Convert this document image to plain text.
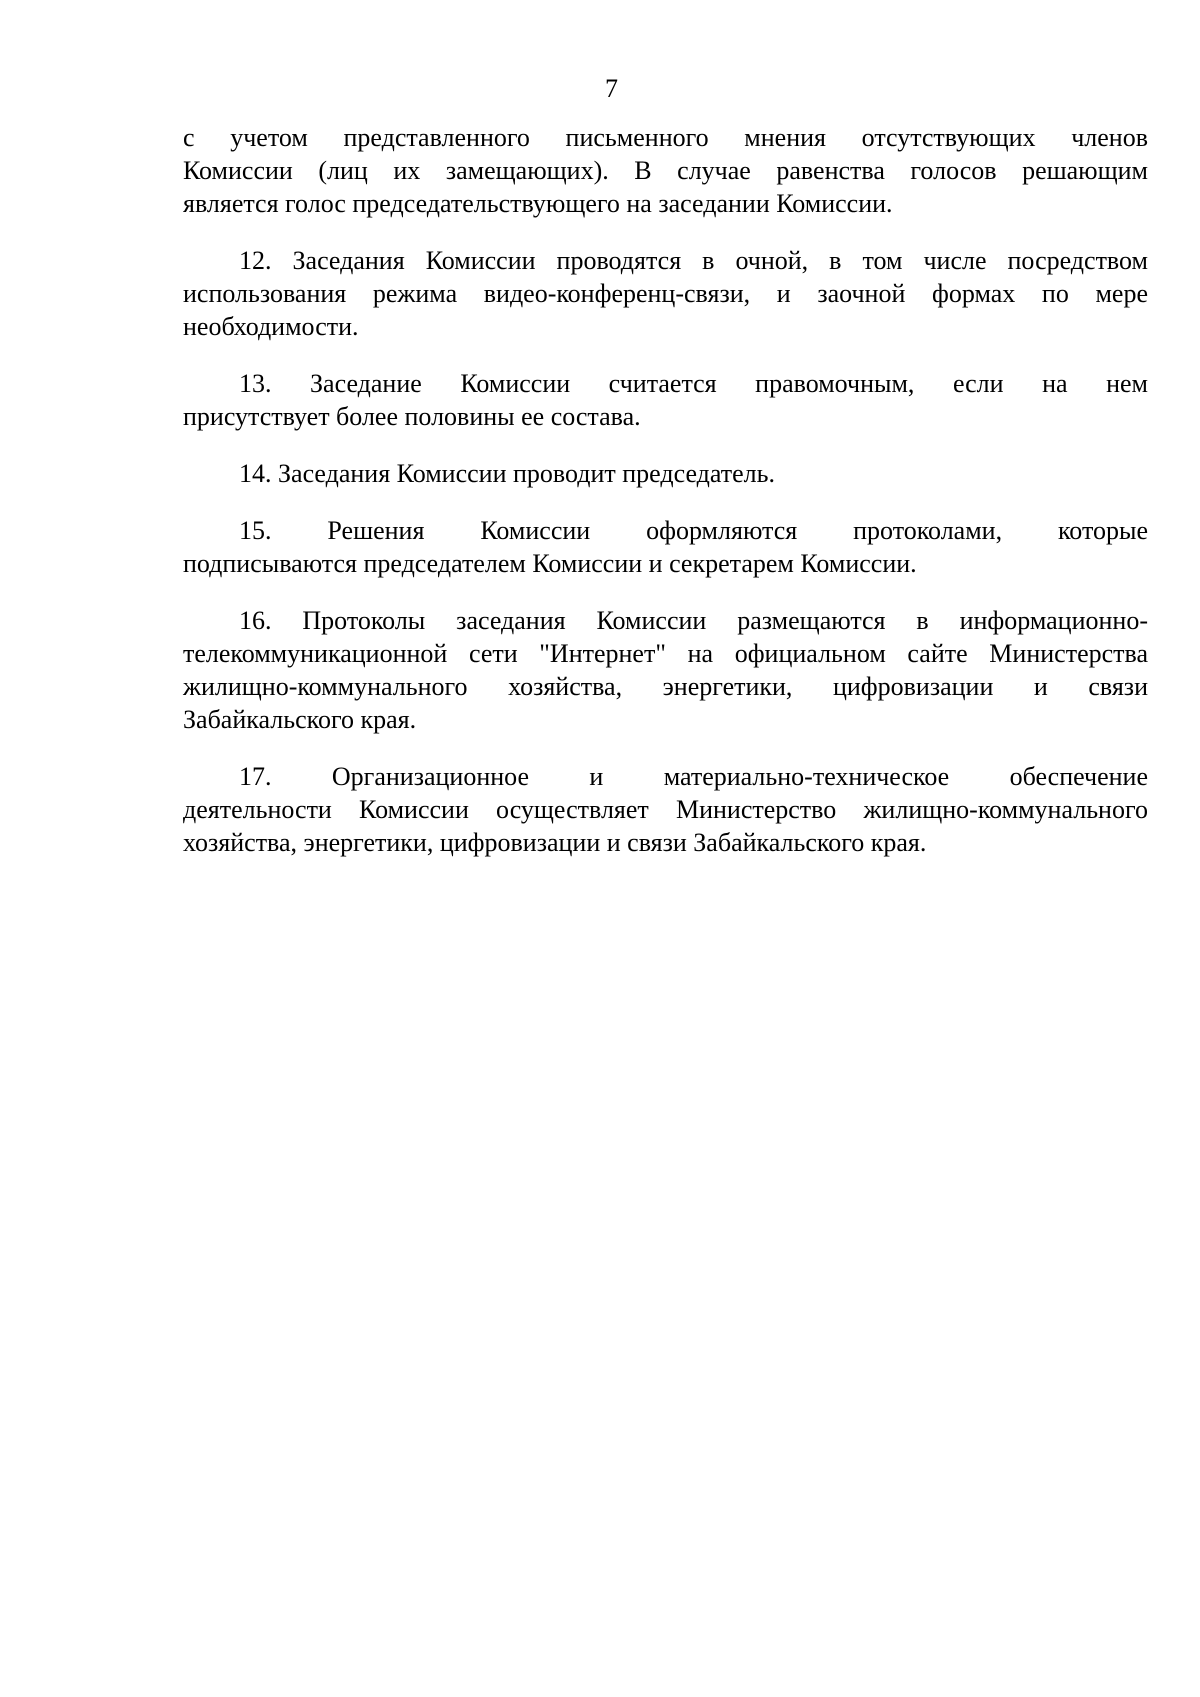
7

с учетом представленного письменного мнения отсутствующих членов
Комиссии (лиц их замещающих). В случае равенства голосов решающим
является голос председательствующего на заседании Комиссии.

12. Заседания Комиссии проводятся в очной, в том числе посредством
использования режима видео-конференц-связи, и заочной формах по мере
необходимости.

13. Заседание Комиссии считается правомочным, если на нем
присутствует более половины ее состава.

14. Заседания Комиссии проводит председатель.

15. Решения Комиссии оформляются протоколами, которые
подписываются председателем Комиссии и секретарем Комиссии.

16. Протоколы заседания Комиссии размещаются в информационно-
телекоммуникационной сети "Интернет" на официальном сайте Министерства
жилищно-коммунального хозяйства, энергетики, цифровизации и связи
Забайкальского края.

17. Организационное и материально-техническое обеспечение
деятельности Комиссии осуществляет Министерство жилищно-коммунального
хозяйства, энергетики, цифровизации и связи Забайкальского края.
